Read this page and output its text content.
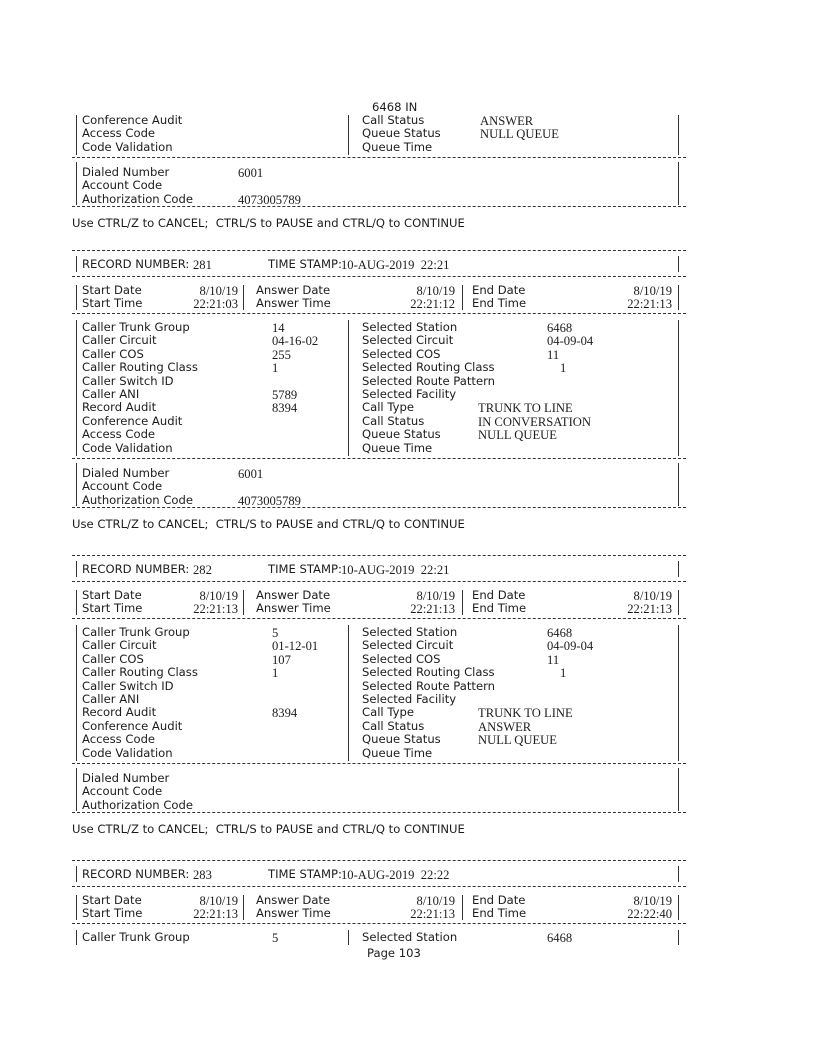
6468 IN
Conference Audit
Access Code
Code Validation
Call Status	ANSWER
Queue Status	NULL QUEUE
Queue Time
Dialed Number	6001
Account Code
Authorization Code	4073005789
Use CTRL/Z to CANCEL;  CTRL/S to PAUSE and CTRL/Q to CONTINUE
RECORD NUMBER: 281	TIME STAMP: 10-AUG-2019  22:21
Start Date	8/10/19
Start Time	22:21:03
Answer Date	8/10/19
Answer Time	22:21:12
End Date	8/10/19
End Time	22:21:13
Caller Trunk Group	14
Caller Circuit	04-16-02
Caller COS	255
Caller Routing Class	1
Caller Switch ID
Caller ANI	5789
Record Audit	8394
Conference Audit
Access Code
Code Validation
Selected Station	6468
Selected Circuit	04-09-04
Selected COS	11
Selected Routing Class	1
Selected Route Pattern
Selected Facility
Call Type	TRUNK TO LINE
Call Status	IN CONVERSATION
Queue Status	NULL QUEUE
Queue Time
Dialed Number	6001
Account Code
Authorization Code	4073005789
Use CTRL/Z to CANCEL;  CTRL/S to PAUSE and CTRL/Q to CONTINUE
RECORD NUMBER: 282	TIME STAMP: 10-AUG-2019  22:21
Start Date	8/10/19
Start Time	22:21:13
Answer Date	8/10/19
Answer Time	22:21:13
End Date	8/10/19
End Time	22:21:13
Caller Trunk Group	5
Caller Circuit	01-12-01
Caller COS	107
Caller Routing Class	1
Caller Switch ID
Caller ANI
Record Audit	8394
Conference Audit
Access Code
Code Validation
Selected Station	6468
Selected Circuit	04-09-04
Selected COS	11
Selected Routing Class	1
Selected Route Pattern
Selected Facility
Call Type	TRUNK TO LINE
Call Status	ANSWER
Queue Status	NULL QUEUE
Queue Time
Dialed Number
Account Code
Authorization Code
Use CTRL/Z to CANCEL;  CTRL/S to PAUSE and CTRL/Q to CONTINUE
RECORD NUMBER: 283	TIME STAMP: 10-AUG-2019  22:22
Start Date	8/10/19
Start Time	22:21:13
Answer Date	8/10/19
Answer Time	22:21:13
End Date	8/10/19
End Time	22:22:40
Caller Trunk Group	5	Selected Station	6468
Page 103
